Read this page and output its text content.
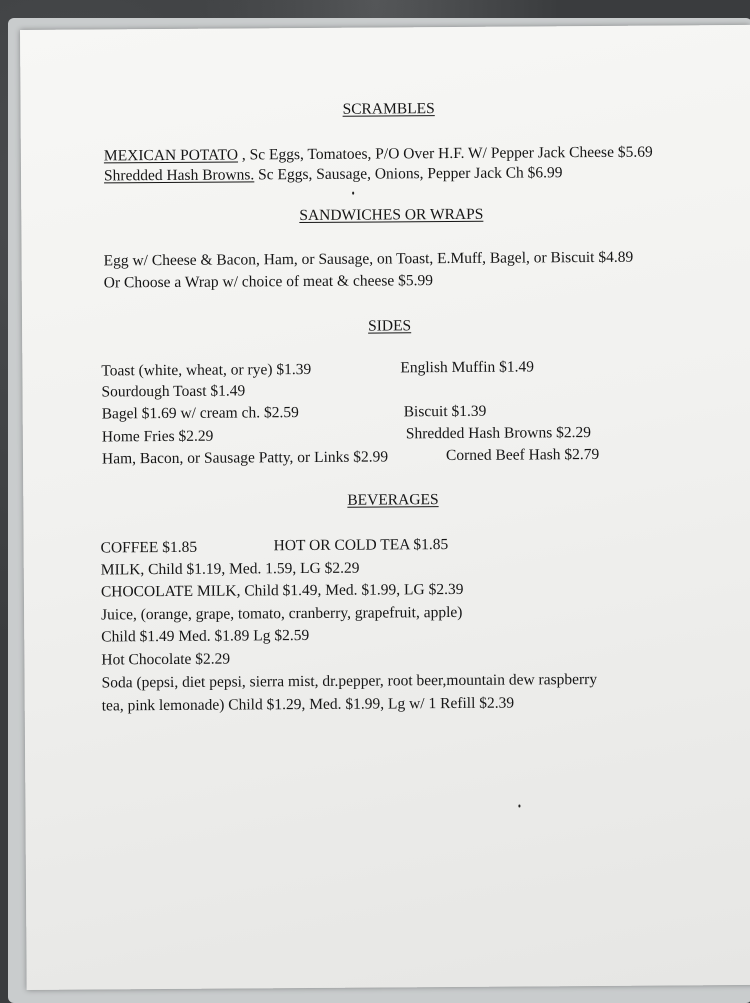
SCRAMBLES
MEXICAN POTATO , Sc Eggs, Tomatoes, P/O Over H.F. W/ Pepper Jack Cheese $5.69
Shredded Hash Browns. Sc Eggs, Sausage, Onions, Pepper Jack Ch $6.99
SANDWICHES OR WRAPS
Egg w/ Cheese & Bacon, Ham, or Sausage, on Toast, E.Muff, Bagel, or Biscuit $4.89
Or Choose a Wrap w/ choice of meat & cheese $5.99
SIDES
Toast (white, wheat, or rye) $1.39	English Muffin $1.49
Sourdough Toast $1.49
Bagel $1.69 w/ cream ch. $2.59	Biscuit $1.39
Home Fries $2.29	Shredded Hash Browns $2.29
Ham, Bacon, or Sausage Patty, or Links $2.99	Corned Beef Hash $2.79
BEVERAGES
COFFEE $1.85	HOT OR COLD TEA $1.85
MILK, Child $1.19, Med. 1.59, LG $2.29
CHOCOLATE MILK, Child $1.49, Med. $1.99, LG $2.39
Juice, (orange, grape, tomato, cranberry, grapefruit, apple)
Child $1.49 Med. $1.89 Lg $2.59
Hot Chocolate $2.29
Soda (pepsi, diet pepsi, sierra mist, dr.pepper, root beer,mountain dew raspberry
tea, pink lemonade) Child $1.29, Med. $1.99, Lg w/ 1 Refill $2.39
